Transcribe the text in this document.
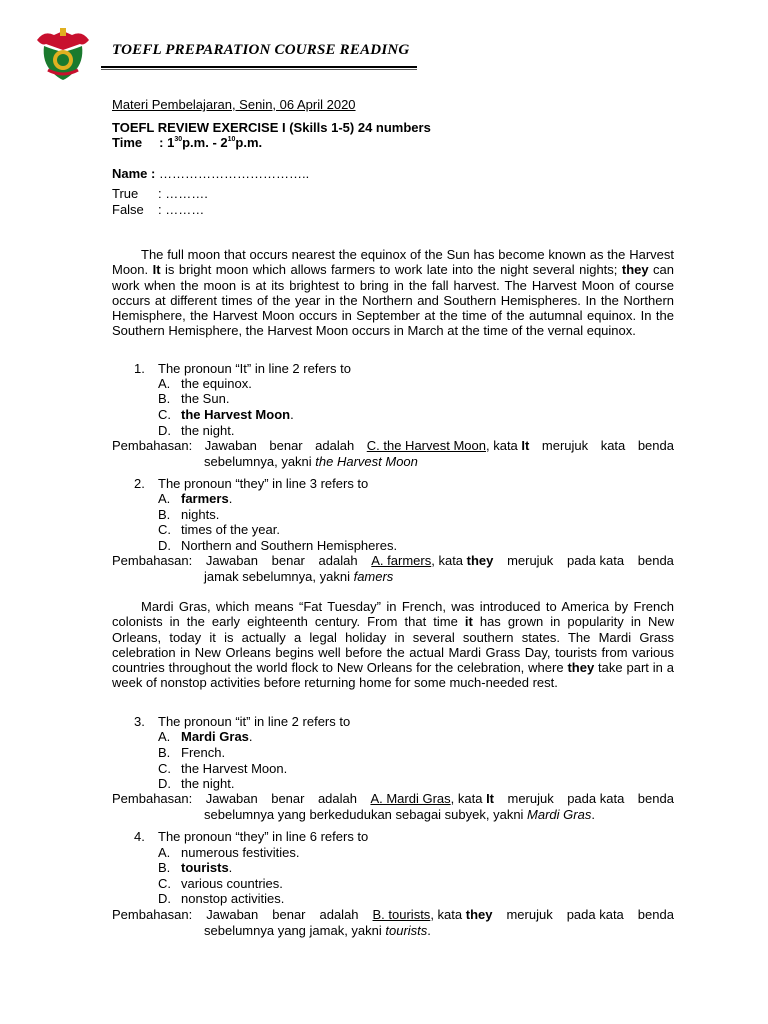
TOEFL PREPARATION COURSE READING
Materi Pembelajaran, Senin, 06 April 2020
TOEFL REVIEW EXERCISE I (Skills 1-5) 24 numbers
Time : $1^{30}p.m$. - $2^{10}p.m$.
Name : ……………………………..
True : ……….
False : ………
The full moon that occurs nearest the equinox of the Sun has become known as the Harvest Moon. It is bright moon which allows farmers to work late into the night several nights; they can work when the moon is at its brightest to bring in the fall harvest. The Harvest Moon of course occurs at different times of the year in the Northern and Southern Hemispheres. In the Northern Hemisphere, the Harvest Moon occurs in September at the time of the autumnal equinox. In the Southern Hemisphere, the Harvest Moon occurs in March at the time of the vernal equinox.
1. The pronoun “It” in line 2 refers to
A. the equinox.
B. the Sun.
C. the Harvest Moon.
D. the night.
Pembahasan: Jawaban benar adalah C. the Harvest Moon, kata It merujuk kata benda
sebelumnya, yakni the Harvest Moon
2. The pronoun “they” in line 3 refers to
A. farmers.
B. nights.
C. times of the year.
D. Northern and Southern Hemispheres.
Pembahasan: Jawaban benar adalah A. farmers, kata they merujuk pada kata benda
jamak sebelumnya, yakni famers
Mardi Gras, which means “Fat Tuesday” in French, was introduced to America by French colonists in the early eighteenth century. From that time it has grown in popularity in New Orleans, today it is actually a legal holiday in several southern states. The Mardi Grass celebration in New Orleans begins well before the actual Mardi Grass Day, tourists from various countries throughout the world flock to New Orleans for the celebration, where they take part in a week of nonstop activities before returning home for some much-needed rest.
3. The pronoun “it” in line 2 refers to
A. Mardi Gras.
B. French.
C. the Harvest Moon.
D. the night.
Pembahasan: Jawaban benar adalah A. Mardi Gras, kata It merujuk pada kata benda
sebelumnya yang berkedudukan sebagai subyek, yakni Mardi Gras.
4. The pronoun “they” in line 6 refers to
A. numerous festivities.
B. tourists.
C. various countries.
D. nonstop activities.
Pembahasan: Jawaban benar adalah B. tourists, kata they merujuk pada kata benda
sebelumnya yang jamak, yakni tourists.
